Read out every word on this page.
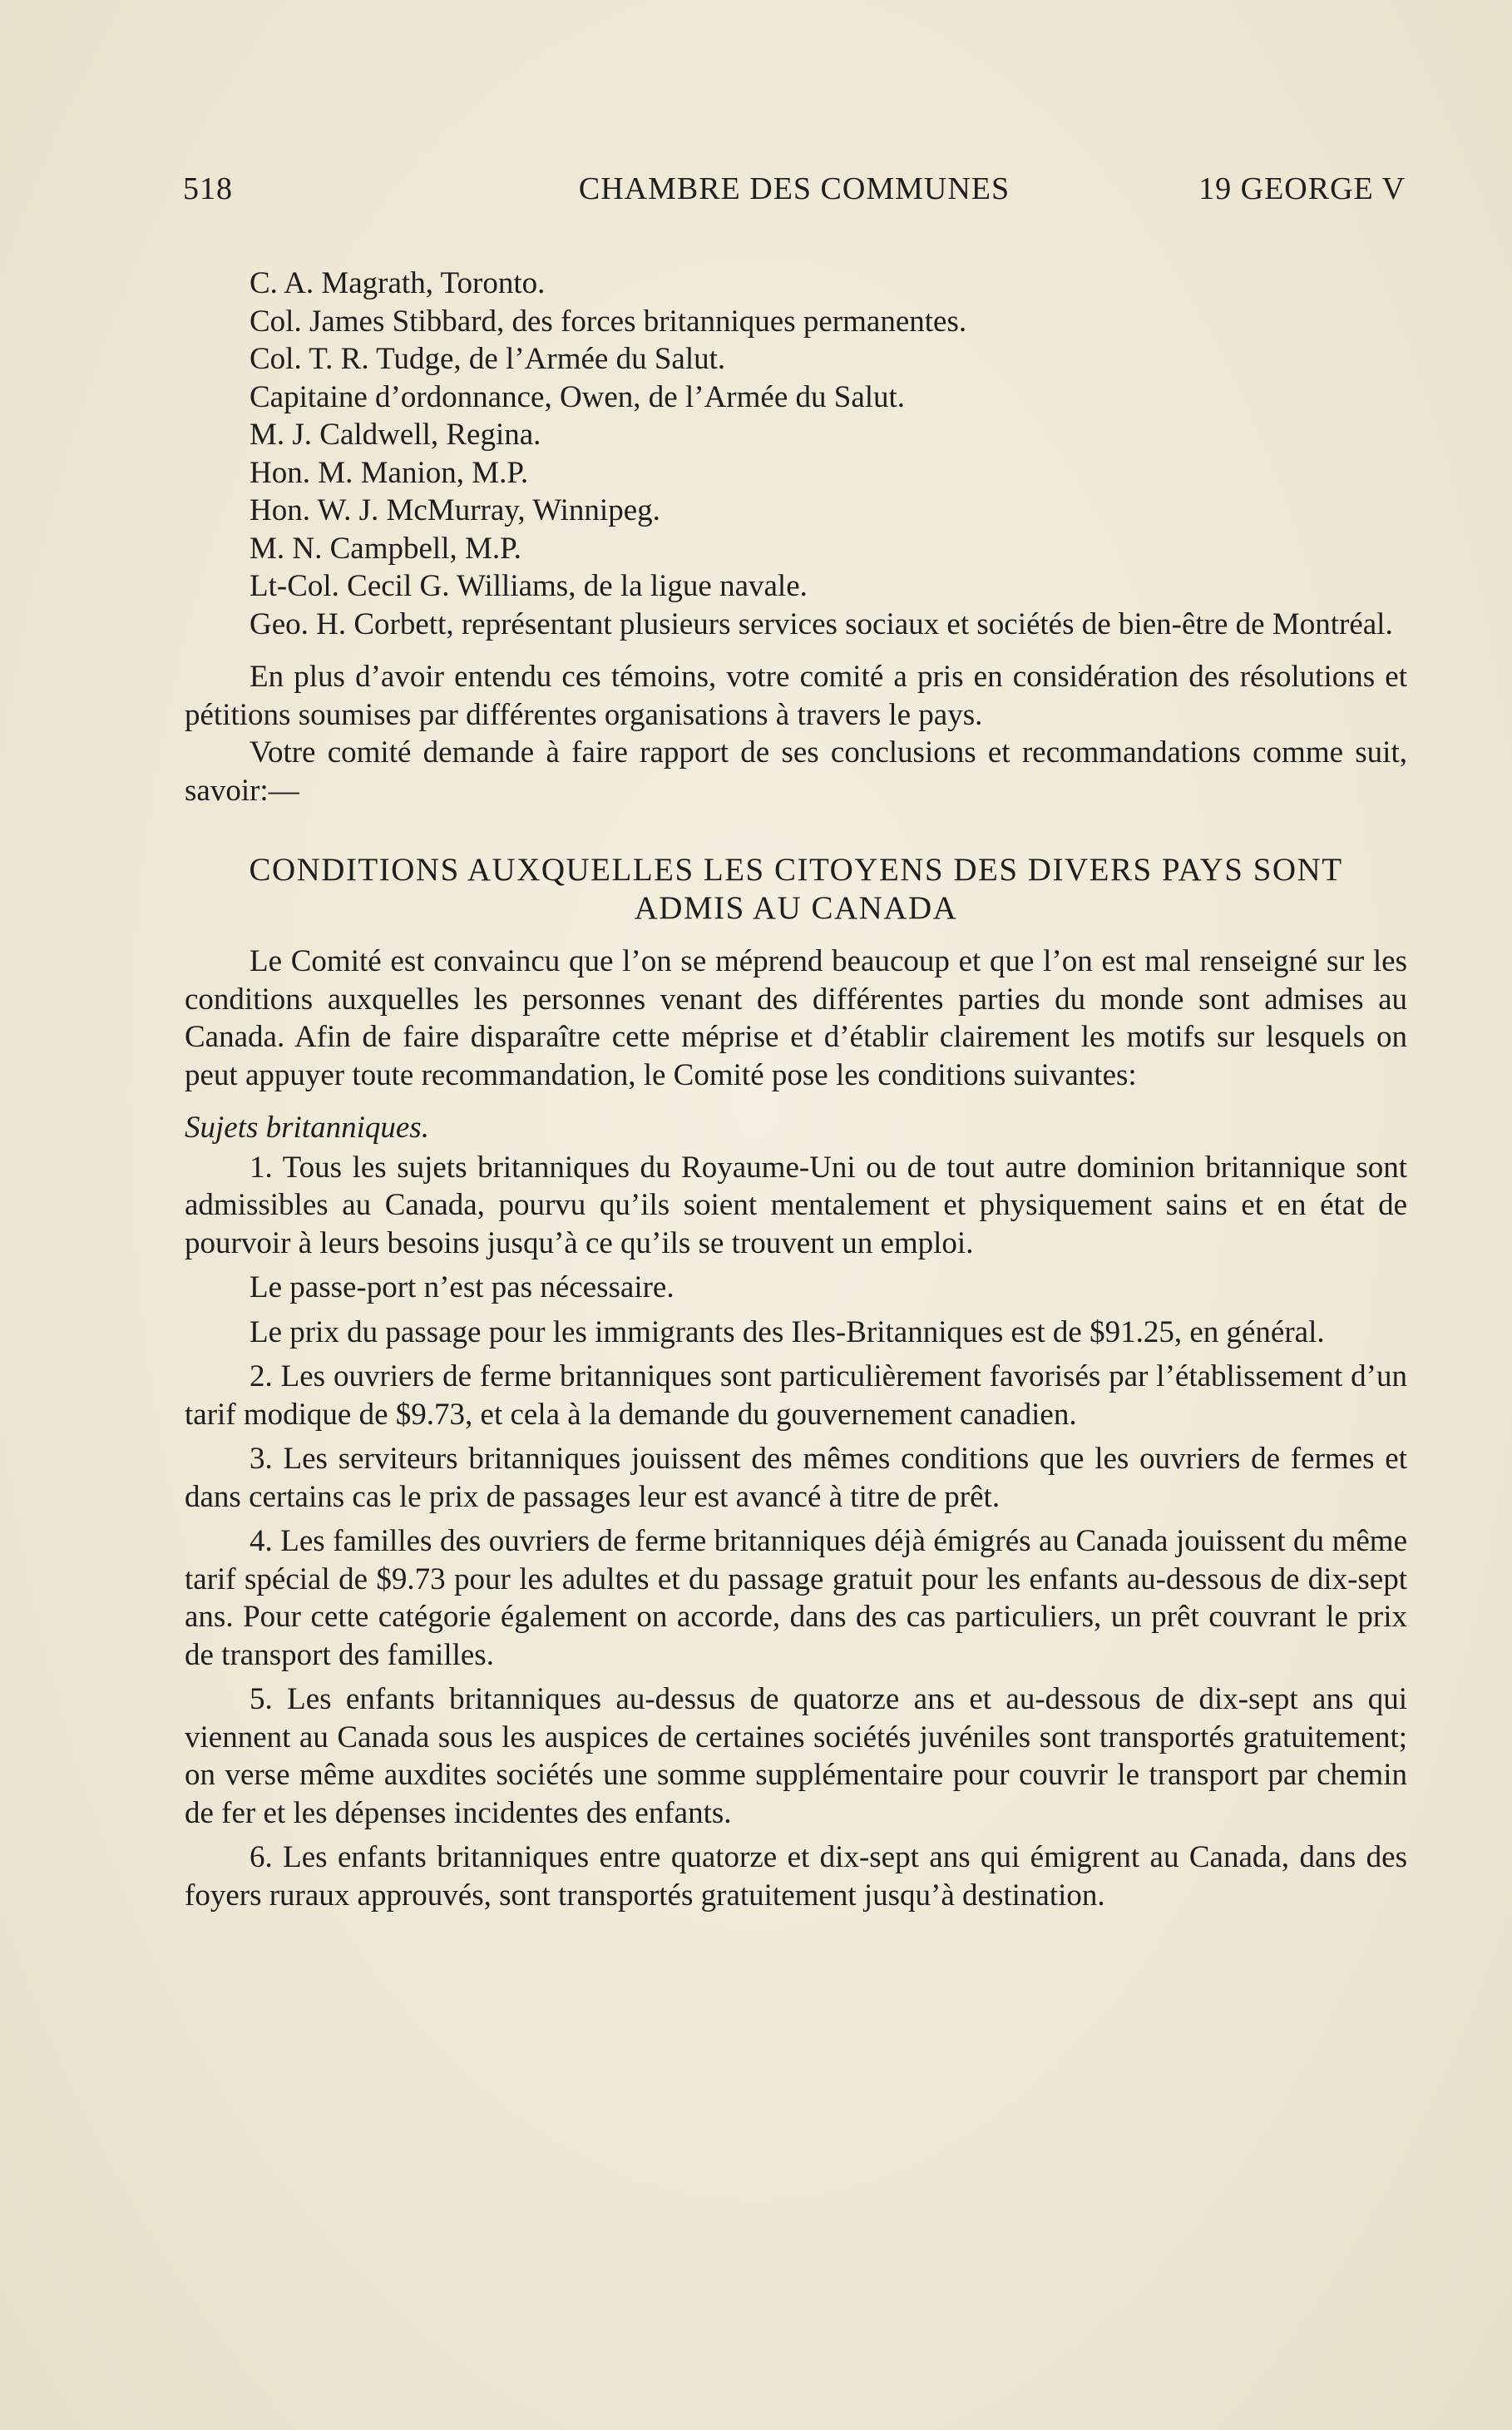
518	CHAMBRE DES COMMUNES	19 GEORGE V
C. A. Magrath, Toronto.
Col. James Stibbard, des forces britanniques permanentes.
Col. T. R. Tudge, de l’Armée du Salut.
Capitaine d’ordonnance, Owen, de l’Armée du Salut.
M. J. Caldwell, Regina.
Hon. M. Manion, M.P.
Hon. W. J. McMurray, Winnipeg.
M. N. Campbell, M.P.
Lt-Col. Cecil G. Williams, de la ligue navale.
Geo. H. Corbett, représentant plusieurs services sociaux et sociétés de bien-être de Montréal.

En plus d’avoir entendu ces témoins, votre comité a pris en considération des résolutions et pétitions soumises par différentes organisations à travers le pays.

Votre comité demande à faire rapport de ses conclusions et recommandations comme suit, savoir:—

CONDITIONS AUXQUELLES LES CITOYENS DES DIVERS PAYS SONT
ADMIS AU CANADA

Le Comité est convaincu que l’on se méprend beaucoup et que l’on est mal renseigné sur les conditions auxquelles les personnes venant des différentes parties du monde sont admises au Canada. Afin de faire disparaître cette méprise et d’établir clairement les motifs sur lesquels on peut appuyer toute recommandation, le Comité pose les conditions suivantes:

Sujets britanniques.

1. Tous les sujets britanniques du Royaume-Uni ou de tout autre dominion britannique sont admissibles au Canada, pourvu qu’ils soient mentalement et physiquement sains et en état de pourvoir à leurs besoins jusqu’à ce qu’ils se trouvent un emploi.

Le passe-port n’est pas nécessaire.

Le prix du passage pour les immigrants des Iles-Britanniques est de $91.25, en général.

2. Les ouvriers de ferme britanniques sont particulièrement favorisés par l’établissement d’un tarif modique de $9.73, et cela à la demande du gouvernement canadien.

3. Les serviteurs britanniques jouissent des mêmes conditions que les ouvriers de fermes et dans certains cas le prix de passages leur est avancé à titre de prêt.

4. Les familles des ouvriers de ferme britanniques déjà émigrés au Canada jouissent du même tarif spécial de $9.73 pour les adultes et du passage gratuit pour les enfants au-dessous de dix-sept ans. Pour cette catégorie également on accorde, dans des cas particuliers, un prêt couvrant le prix de transport des familles.

5. Les enfants britanniques au-dessus de quatorze ans et au-dessous de dix-sept ans qui viennent au Canada sous les auspices de certaines sociétés juvéniles sont transportés gratuitement; on verse même auxdites sociétés une somme supplémentaire pour couvrir le transport par chemin de fer et les dépenses incidentes des enfants.

6. Les enfants britanniques entre quatorze et dix-sept ans qui émigrent au Canada, dans des foyers ruraux approuvés, sont transportés gratuitement jusqu’à destination.
